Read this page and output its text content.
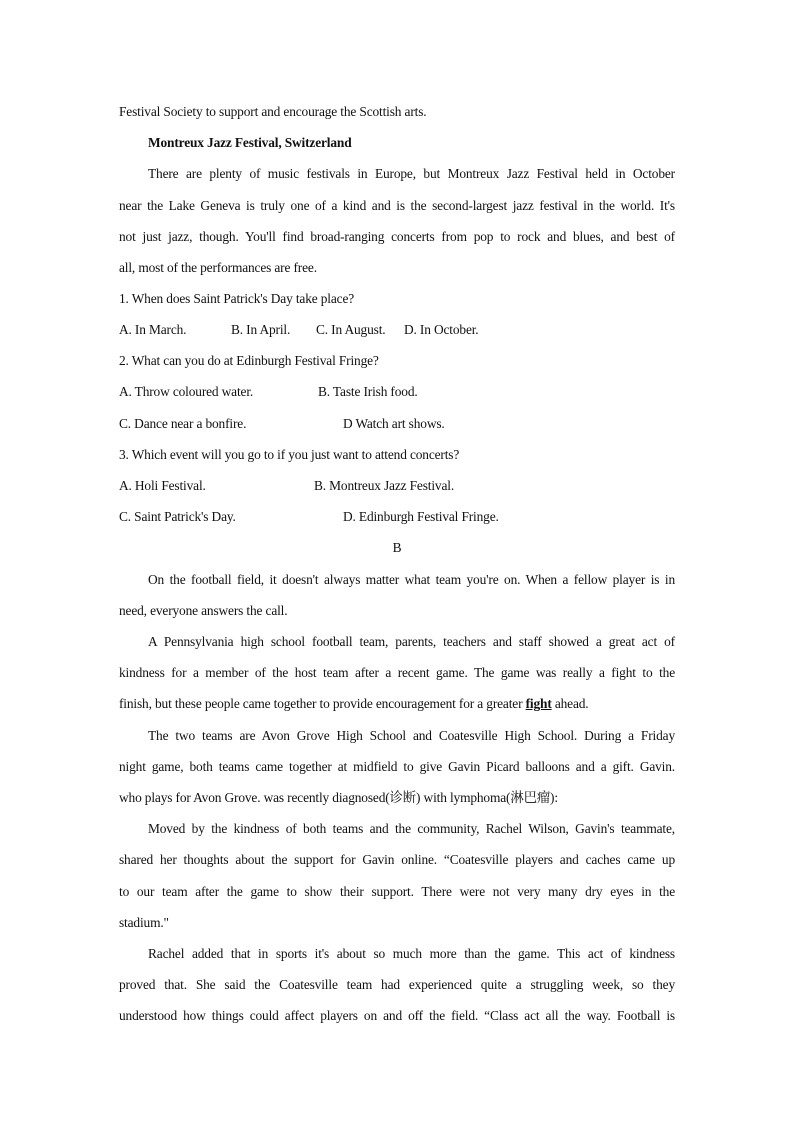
Festival Society to support and encourage the Scottish arts.
Montreux Jazz Festival, Switzerland
There are plenty of music festivals in Europe, but Montreux Jazz Festival held in October
near the Lake Geneva is truly one of a kind and is the second-largest jazz festival in the world. It's
not just jazz, though. You'll find broad-ranging concerts from pop to rock and blues, and best of
all, most of the performances are free.
1. When does Saint Patrick's Day take place?
A. In March.	B. In April. C. In August. D. In October.
2. What can you do at Edinburgh Festival Fringe?
A. Throw coloured water.	B. Taste Irish food.
C. Dance near a bonfire.	D Watch art shows.
3. Which event will you go to if you just want to attend concerts?
A. Holi Festival.	B. Montreux Jazz Festival.
C. Saint Patrick's Day.	D. Edinburgh Festival Fringe.
B
On the football field, it doesn't always matter what team you're on. When a fellow player is in
need, everyone answers the call.
A Pennsylvania high school football team, parents, teachers and staff showed a great act of
kindness for a member of the host team after a recent game. The game was really a fight to the
finish, but these people came together to provide encouragement for a greater fight ahead.
The two teams are Avon Grove High School and Coatesville High School. During a Friday
night game, both teams came together at midfield to give Gavin Picard balloons and a gift. Gavin.
who plays for Avon Grove. was recently diagnosed(诊断) with lymphoma(淋巴瘤):
Moved by the kindness of both teams and the community, Rachel Wilson, Gavin's teammate,
shared her thoughts about the support for Gavin online. “Coatesville players and caches came up
to our team after the game to show their support. There were not very many dry eyes in the
stadium."
Rachel added that in sports it's about so much more than the game. This act of kindness
proved that. She said the Coatesville team had experienced quite a struggling week, so they
understood how things could affect players on and off the field. “Class act all the way. Football is
